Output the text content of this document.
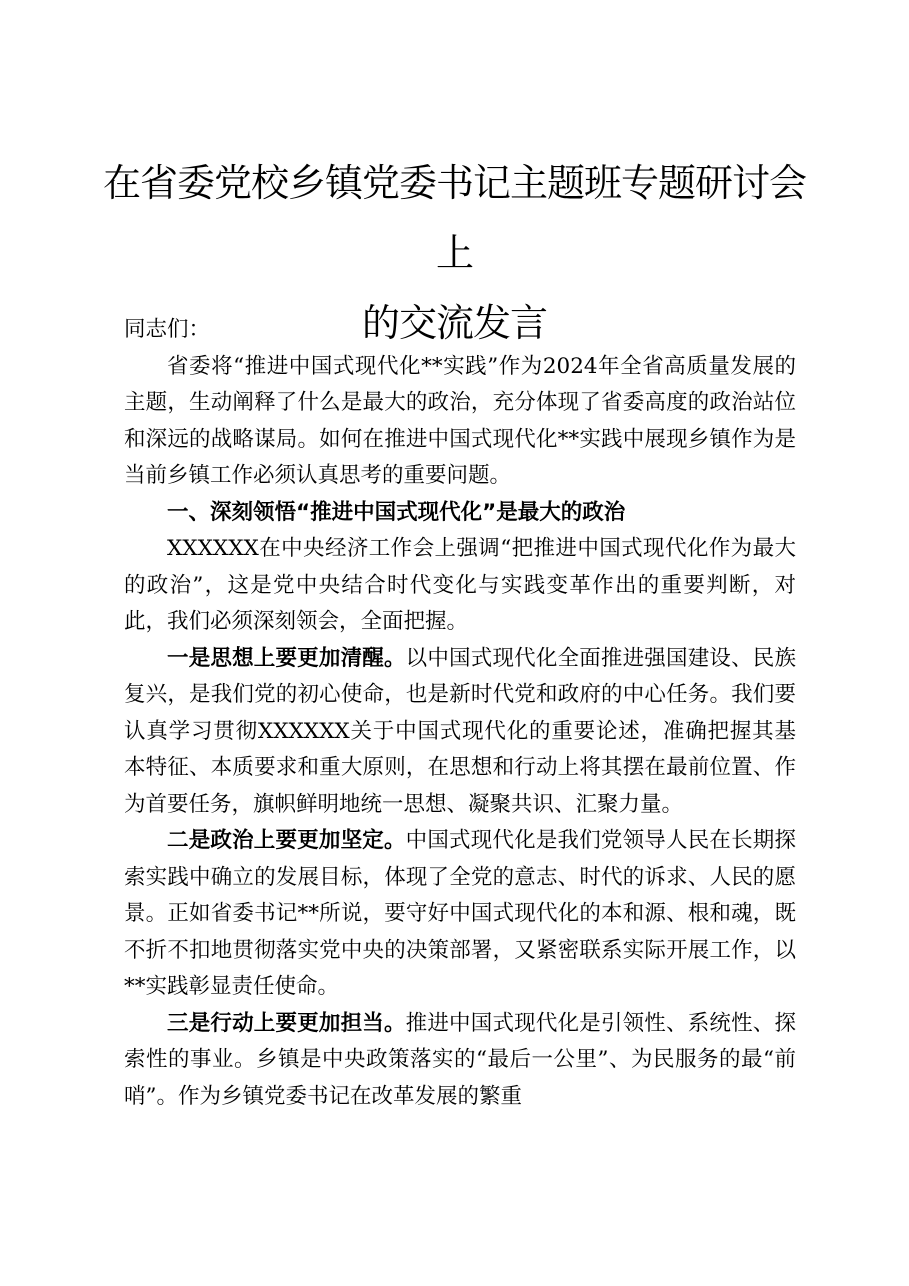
在省委党校乡镇党委书记主题班专题研讨会上
的交流发言

同志们：

省委将“推进中国式现代化**实践”作为2024年全省高质量发展的主题，生动阐释了什么是最大的政治，充分体现了省委高度的政治站位和深远的战略谋局。如何在推进中国式现代化**实践中展现乡镇作为是当前乡镇工作必须认真思考的重要问题。

一、深刻领悟“推进中国式现代化”是最大的政治

XXXXXX在中央经济工作会上强调“把推进中国式现代化作为最大的政治”，这是党中央结合时代变化与实践变革作出的重要判断，对此，我们必须深刻领会，全面把握。

一是思想上要更加清醒。以中国式现代化全面推进强国建设、民族复兴，是我们党的初心使命，也是新时代党和政府的中心任务。我们要认真学习贯彻XXXXXX关于中国式现代化的重要论述，准确把握其基本特征、本质要求和重大原则，在思想和行动上将其摆在最前位置、作为首要任务，旗帜鲜明地统一思想、凝聚共识、汇聚力量。

二是政治上要更加坚定。中国式现代化是我们党领导人民在长期探索实践中确立的发展目标，体现了全党的意志、时代的诉求、人民的愿景。正如省委书记**所说，要守好中国式现代化的本和源、根和魂，既不折不扣地贯彻落实党中央的决策部署，又紧密联系实际开展工作，以**实践彰显责任使命。

三是行动上要更加担当。推进中国式现代化是引领性、系统性、探索性的事业。乡镇是中央政策落实的“最后一公里”、为民服务的最“前哨”。作为乡镇党委书记在改革发展的繁重
